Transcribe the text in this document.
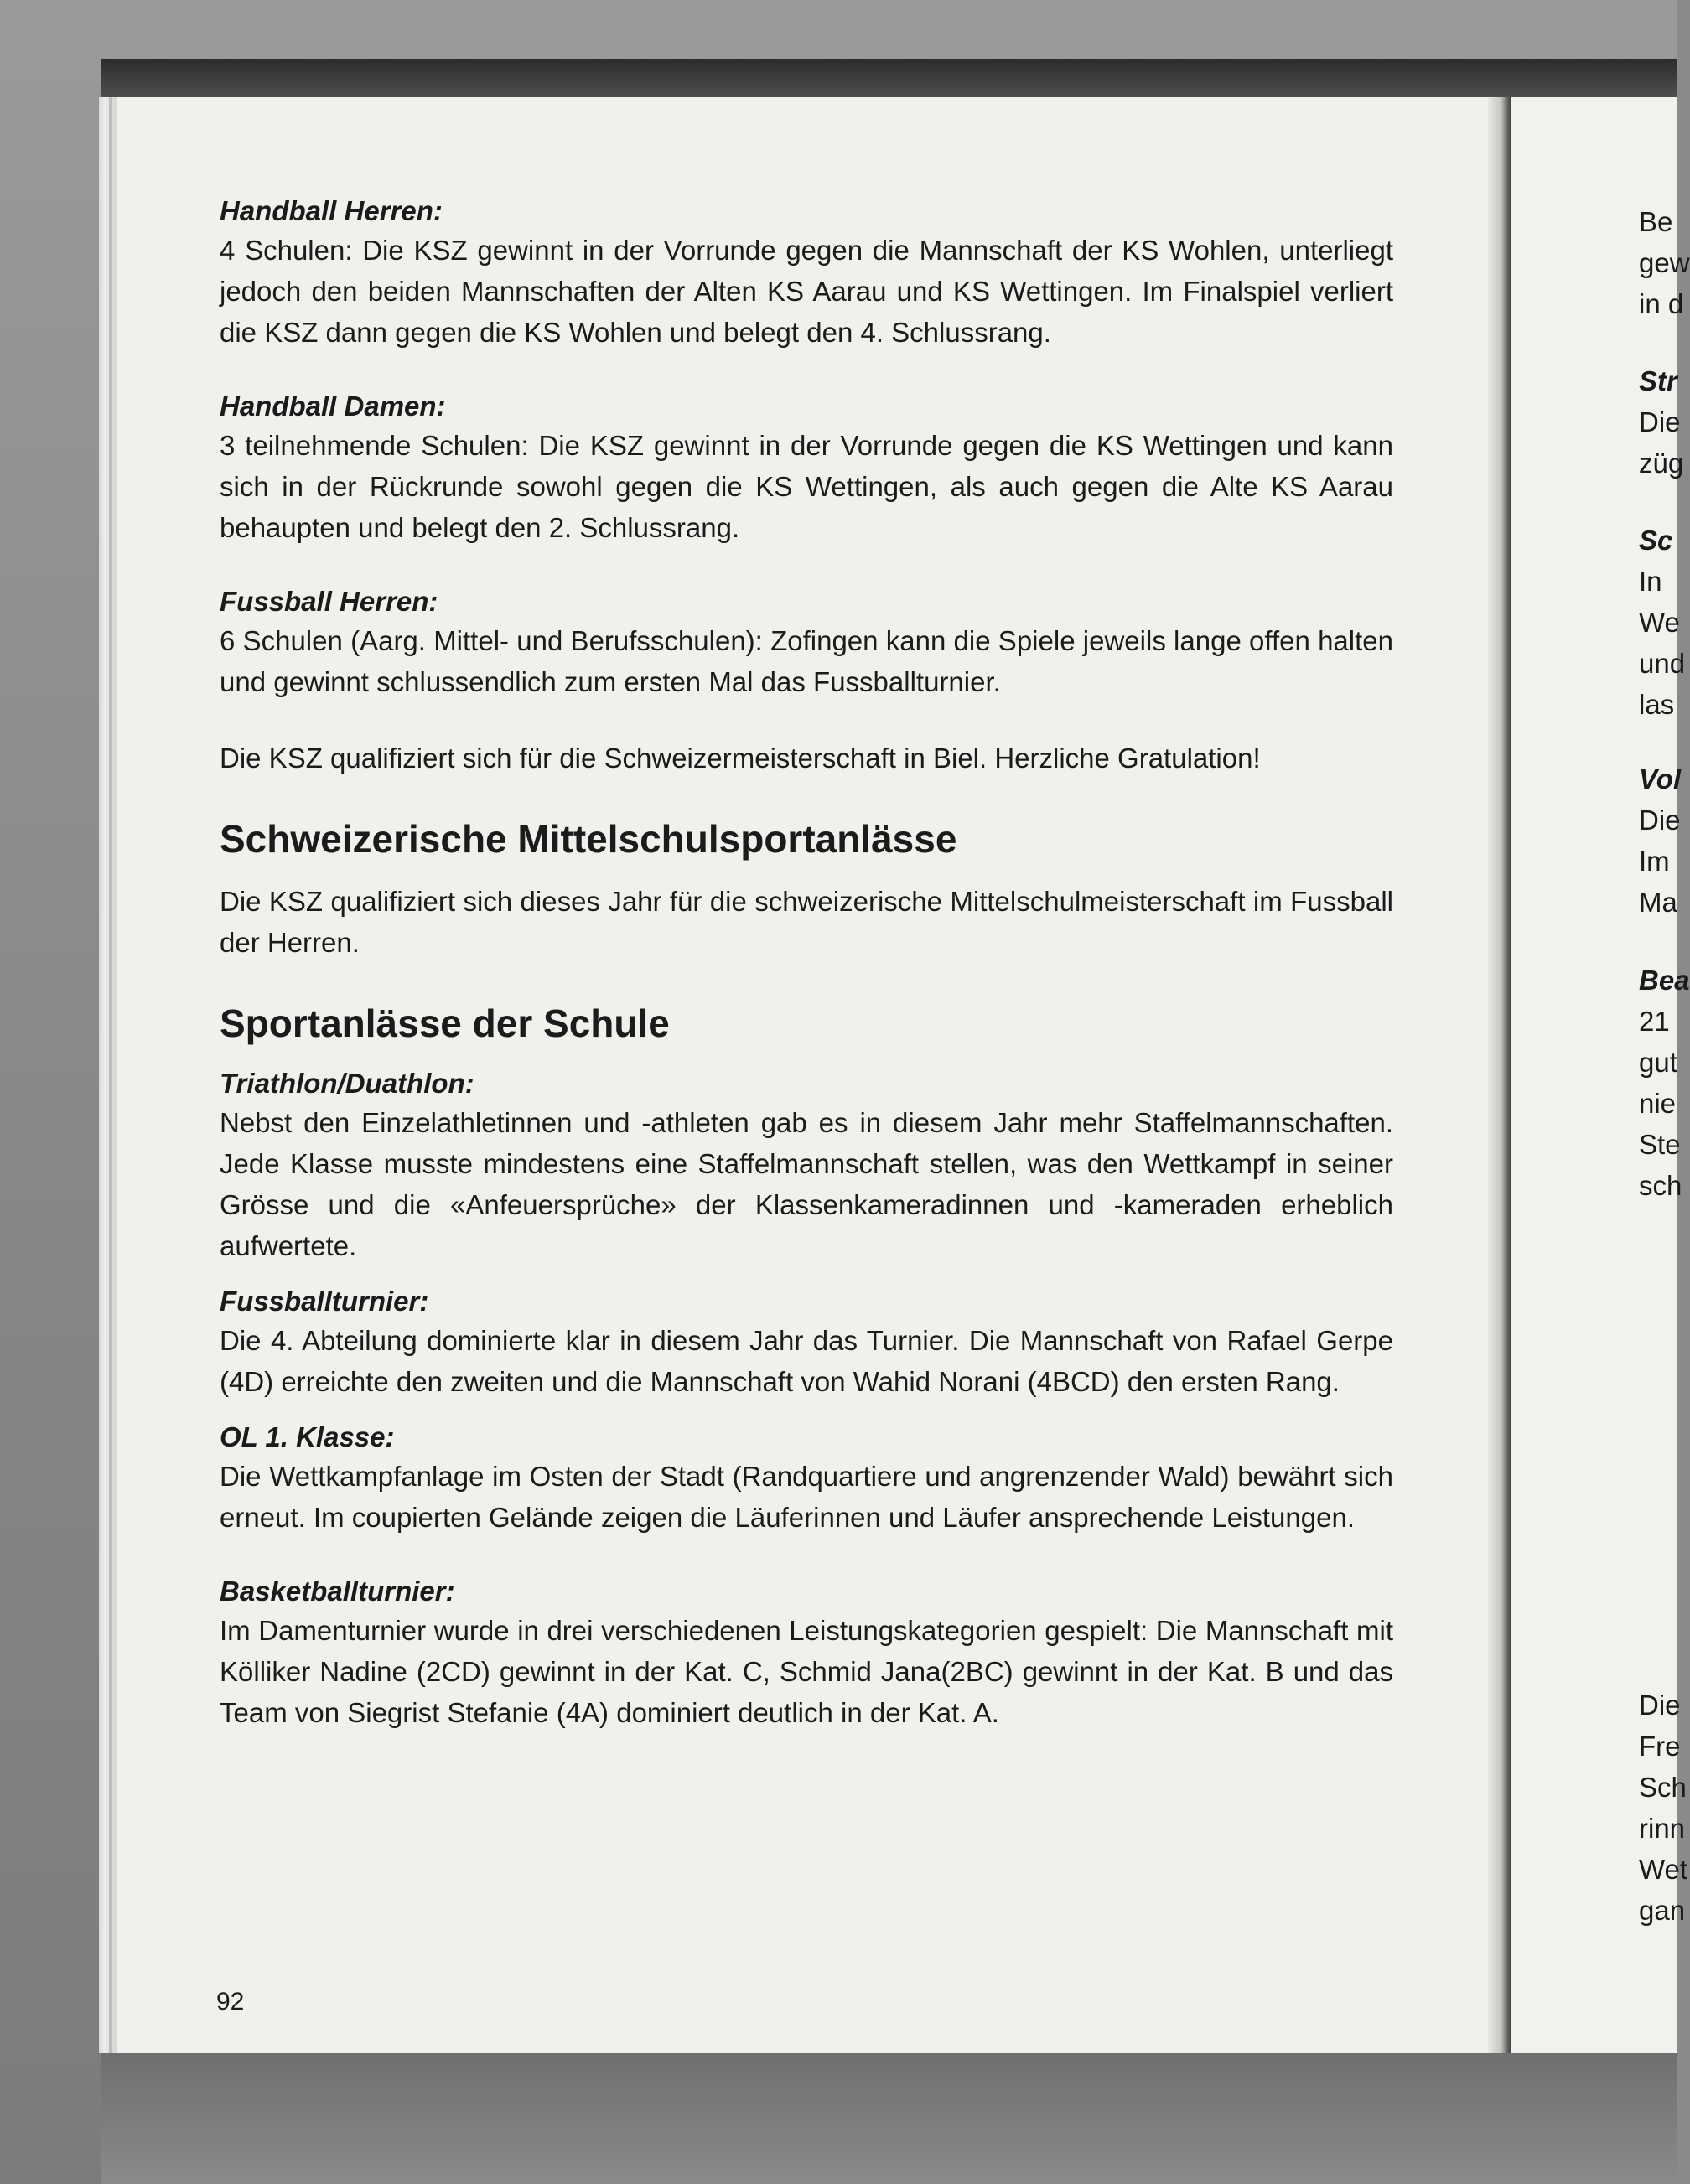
Handball Herren:

4 Schulen: Die KSZ gewinnt in der Vorrunde gegen die Mannschaft der KS Wohlen, unterliegt jedoch den beiden Mannschaften der Alten KS Aarau und KS Wettingen. Im Finalspiel verliert die KSZ dann gegen die KS Wohlen und belegt den 4. Schlussrang.

Handball Damen:

3 teilnehmende Schulen: Die KSZ gewinnt in der Vorrunde gegen die KS Wettingen und kann sich in der Rückrunde sowohl gegen die KS Wettingen, als auch gegen die Alte KS Aarau behaupten und belegt den 2. Schlussrang.

Fussball Herren:

6 Schulen (Aarg. Mittel- und Berufsschulen): Zofingen kann die Spiele jeweils lange offen halten und gewinnt schlussendlich zum ersten Mal das Fussballturnier.

Die KSZ qualifiziert sich für die Schweizermeisterschaft in Biel. Herzliche Gratulation!

Schweizerische Mittelschulsportanlässe

Die KSZ qualifiziert sich dieses Jahr für die schweizerische Mittelschulmeisterschaft im Fussball der Herren.

Sportanlässe der Schule
Triathlon/Duathlon:

Nebst den Einzelathletinnen und -athleten gab es in diesem Jahr mehr Staffelmannschaften. Jede Klasse musste mindestens eine Staffelmannschaft stellen, was den Wettkampf in seiner Grösse und die «Anfeuersprüche» der Klassenkameradinnen und -kameraden erheblich aufwertete.

Fussballturnier:

Die 4. Abteilung dominierte klar in diesem Jahr das Turnier. Die Mannschaft von Rafael Gerpe (4D) erreichte den zweiten und die Mannschaft von Wahid Norani (4BCD) den ersten Rang.

OL 1. Klasse:

Die Wettkampfanlage im Osten der Stadt (Randquartiere und angrenzender Wald) bewährt sich erneut. Im coupierten Gelände zeigen die Läuferinnen und Läufer ansprechende Leistungen.

Basketballturnier:

Im Damenturnier wurde in drei verschiedenen Leistungskategorien gespielt: Die Mannschaft mit Kölliker Nadine (2CD) gewinnt in der Kat. C, Schmid Jana(2BC) gewinnt in der Kat. B und das Team von Siegrist Stefanie (4A) dominiert deutlich in der Kat. A.

92
Be
gew
in d
Str
Die
züg
Sc
In
We
und
las
Vol
Die
Im
Ma
Bea
21
gut
nie
Ste
sch
Die
Fre
Sch
rinn
Wet
gan
